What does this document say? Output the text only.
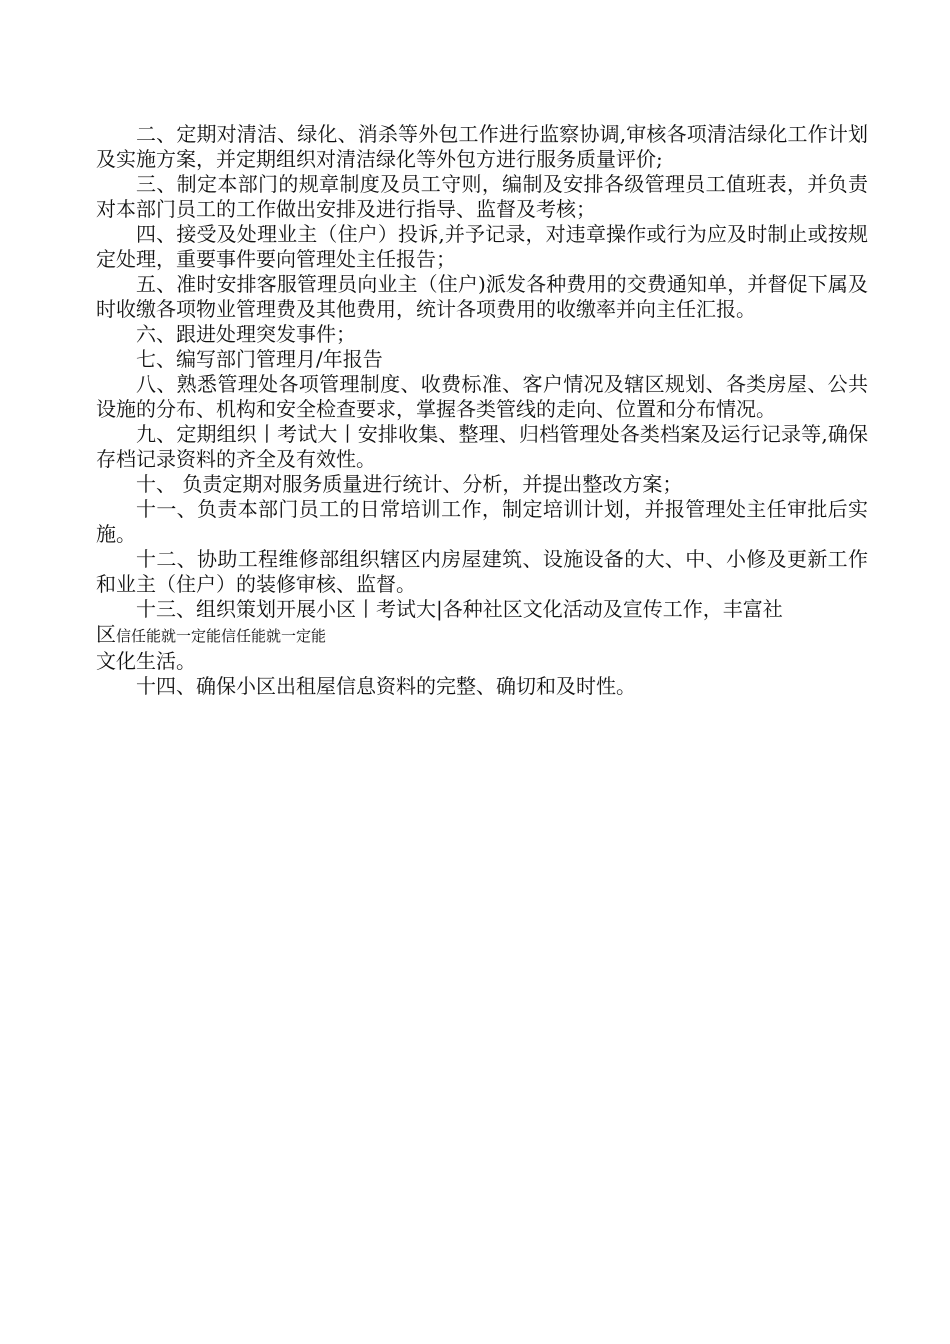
二、定期对清洁、绿化、消杀等外包工作进行监察协调,审核各项清洁绿化工作计划及实施方案，并定期组织对清洁绿化等外包方进行服务质量评价;

三、制定本部门的规章制度及员工守则，编制及安排各级管理员工值班表，并负责对本部门员工的工作做出安排及进行指导、监督及考核；

四、接受及处理业主（住户）投诉,并予记录，对违章操作或行为应及时制止或按规定处理，重要事件要向管理处主任报告；

五、准时安排客服管理员向业主（住户)派发各种费用的交费通知单，并督促下属及时收缴各项物业管理费及其他费用，统计各项费用的收缴率并向主任汇报。

六、跟进处理突发事件；

七、编写部门管理月/年报告

八、熟悉管理处各项管理制度、收费标准、客户情况及辖区规划、各类房屋、公共设施的分布、机构和安全检查要求，掌握各类管线的走向、位置和分布情况。

九、定期组织丨考试大丨安排收集、整理、归档管理处各类档案及运行记录等,确保存档记录资料的齐全及有效性。

十、 负责定期对服务质量进行统计、分析，并提出整改方案；

十一、负责本部门员工的日常培训工作，制定培训计划，并报管理处主任审批后实施。

十二、协助工程维修部组织辖区内房屋建筑、设施设备的大、中、小修及更新工作和业主（住户）的装修审核、监督。

十三、组织策划开展小区丨考试大|各种社区文化活动及宣传工作，丰富社

区信任能就一定能信任能就一定能

文化生活。

十四、确保小区出租屋信息资料的完整、确切和及时性。
